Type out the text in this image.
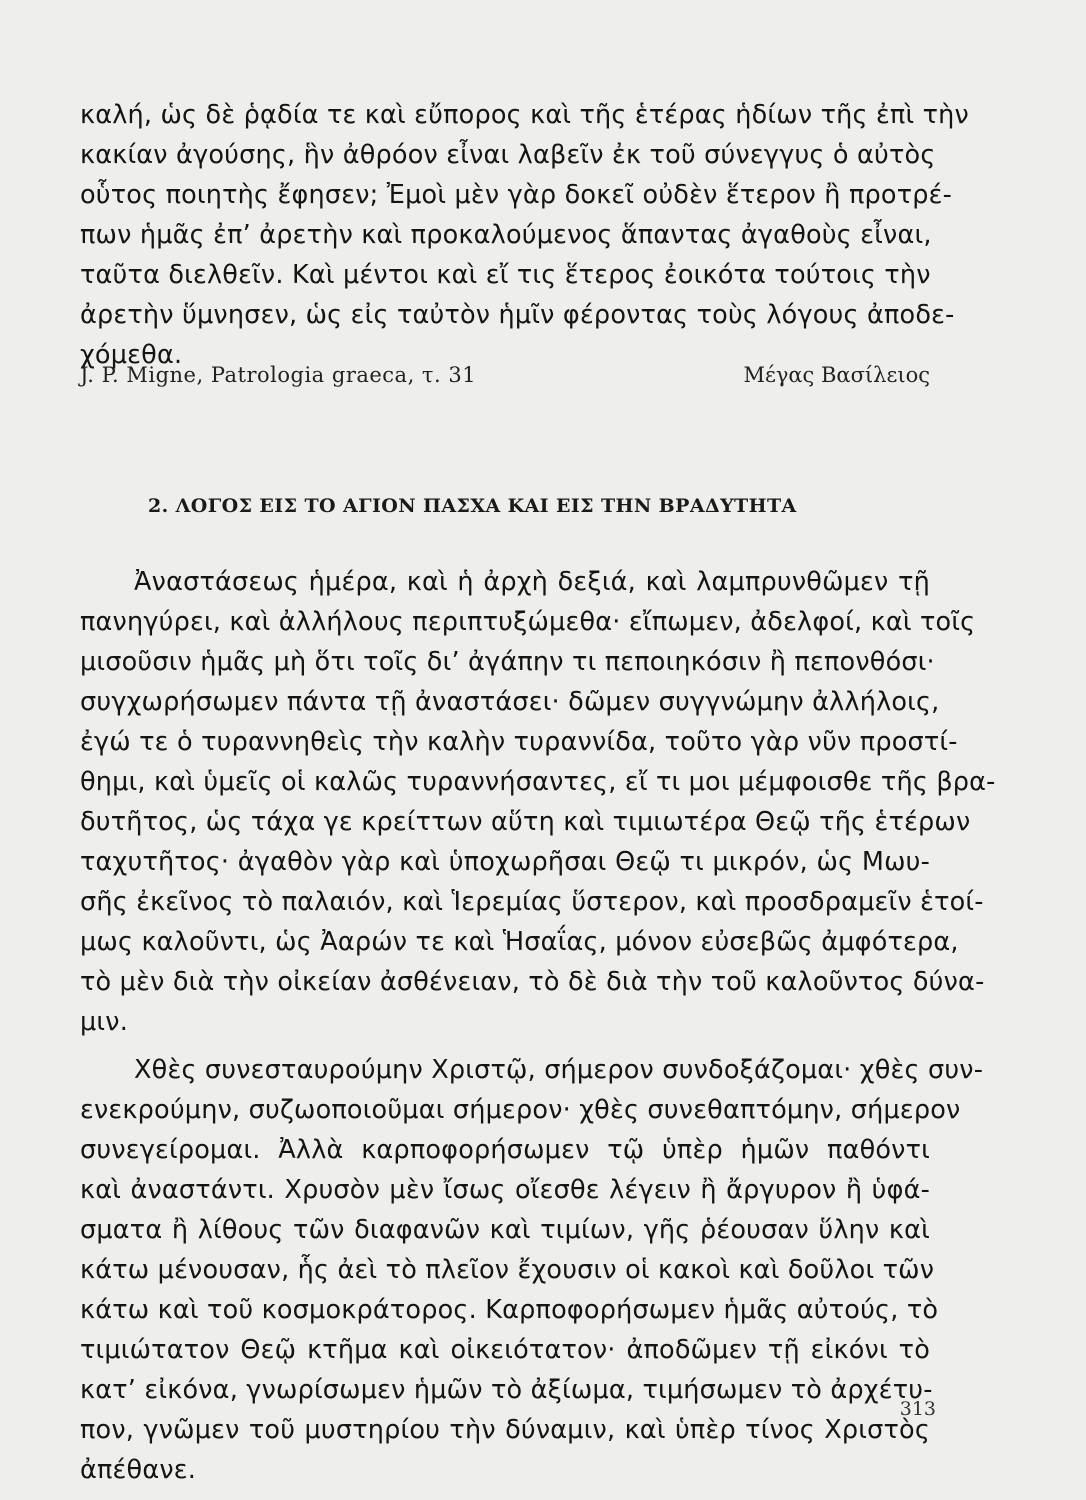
καλή, ὡς δὲ ῥᾳδία τε καὶ εὔπορος καὶ τῆς ἑτέρας ἡδίων τῆς ἐπὶ τὴν
κακίαν ἀγούσης, ἣν ἀθρόον εἶναι λαβεῖν ἐκ τοῦ σύνεγγυς ὁ αὐτὸς
οὗτος ποιητὴς ἔφησεν; Ἐμοὶ μὲν γὰρ δοκεῖ οὐδὲν ἕτερον ἢ προτρέ-
πων ἡμᾶς ἐπ’ ἀρετὴν καὶ προκαλούμενος ἅπαντας ἀγαθοὺς εἶναι,
ταῦτα διελθεῖν. Καὶ μέντοι καὶ εἴ τις ἕτερος ἐοικότα τούτοις τὴν
ἀρετὴν ὕμνησεν, ὡς εἰς ταὐτὸν ἡμῖν φέροντας τοὺς λόγους ἀποδε-
χόμεθα.
J. P. Migne, Patrologia graeca, τ. 31	Μέγας Βασίλειος
2. ΛΟΓΟΣ ΕΙΣ ΤΟ ΑΓΙΟΝ ΠΑΣΧΑ ΚΑΙ ΕΙΣ ΤΗΝ ΒΡΑΔΥΤΗΤΑ
Ἀναστάσεως ἡμέρα, καὶ ἡ ἀρχὴ δεξιά, καὶ λαμπρυνθῶμεν τῇ
πανηγύρει, καὶ ἀλλήλους περιπτυξώμεθα· εἴπωμεν, ἀδελφοί, καὶ τοῖς
μισοῦσιν ἡμᾶς μὴ ὅτι τοῖς δι’ ἀγάπην τι πεποιηκόσιν ἢ πεπονθόσι·
συγχωρήσωμεν πάντα τῇ ἀναστάσει· δῶμεν συγγνώμην ἀλλήλοις,
ἐγώ τε ὁ τυραννηθεὶς τὴν καλὴν τυραννίδα, τοῦτο γὰρ νῦν προστί-
θημι, καὶ ὑμεῖς οἱ καλῶς τυραννήσαντες, εἴ τι μοι μέμφοισθε τῆς βρα-
δυτῆτος, ὡς τάχα γε κρείττων αὕτη καὶ τιμιωτέρα Θεῷ τῆς ἑτέρων
ταχυτῆτος· ἀγαθὸν γὰρ καὶ ὑποχωρῆσαι Θεῷ τι μικρόν, ὡς Μωυ-
σῆς ἐκεῖνος τὸ παλαιόν, καὶ Ἱερεμίας ὕστερον, καὶ προσδραμεῖν ἑτοί-
μως καλοῦντι, ὡς Ἀαρών τε καὶ Ἡσαΐας, μόνον εὐσεβῶς ἀμφότερα,
τὸ μὲν διὰ τὴν οἰκείαν ἀσθένειαν, τὸ δὲ διὰ τὴν τοῦ καλοῦντος δύνα-
μιν.
Χθὲς συνεσταυρούμην Χριστῷ, σήμερον συνδοξάζομαι· χθὲς συν-
ενεκρούμην, συζωοποιοῦμαι σήμερον· χθὲς συνεθαπτόμην, σήμερον
συνεγείρομαι. Ἀλλὰ καρποφορήσωμεν τῷ ὑπὲρ ἡμῶν παθόντι
καὶ ἀναστάντι. Χρυσὸν μὲν ἴσως οἴεσθε λέγειν ἢ ἄργυρον ἢ ὑφά-
σματα ἢ λίθους τῶν διαφανῶν καὶ τιμίων, γῆς ῥέουσαν ὕλην καὶ
κάτω μένουσαν, ἧς ἀεὶ τὸ πλεῖον ἔχουσιν οἱ κακοὶ καὶ δοῦλοι τῶν
κάτω καὶ τοῦ κοσμοκράτορος. Καρποφορήσωμεν ἡμᾶς αὐτούς, τὸ
τιμιώτατον Θεῷ κτῆμα καὶ οἰκειότατον· ἀποδῶμεν τῇ εἰκόνι τὸ
κατ’ εἰκόνα, γνωρίσωμεν ἡμῶν τὸ ἀξίωμα, τιμήσωμεν τὸ ἀρχέτυ-
πον, γνῶμεν τοῦ μυστηρίου τὴν δύναμιν, καὶ ὑπὲρ τίνος Χριστὸς
ἀπέθανε.
313
